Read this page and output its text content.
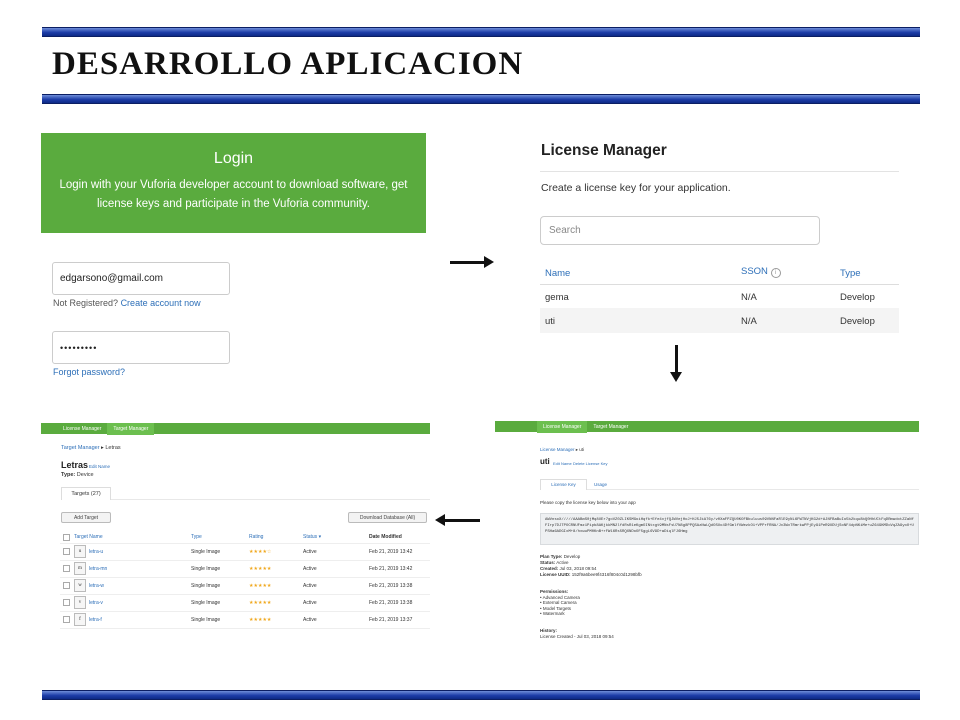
DESARROLLO APLICACION
Login
Login with your Vuforia developer account to download software, get license keys and participate in the Vuforia community.
edgarsono@gmail.com
Not Registered? Create account now
•••••••••
Forgot password?
License Manager
Create a license key for your application.
Search
Name	SSON i	Type
gema	N/A	Develop
uti	N/A	Develop
License Manager Target Manager
Target Manager ▸ Letras
Letras Edit Name
Type: Device
Targets (27)
Add Target	Download Database (All)
Target Name	Type	Rating	Status ▾	Date Modified
u	letra-u	Single Image	★★★★☆	Active	Feb 21, 2019 13:42
m	letra-mn	Single Image	★★★★★	Active	Feb 21, 2019 13:42
w	letra-w	Single Image	★★★★★	Active	Feb 21, 2019 13:38
v	letra-v	Single Image	★★★★★	Active	Feb 21, 2019 13:38
f	letra-f	Single Image	★★★★★	Active	Feb 21, 2019 13:37
License Manager Target Manager
License Manager ▸ uti
uti Edit Name Delete License Key
License Key	Usage
Please copy the license key below into your app
AWVnsoX/////AAABmS0jMq8UEr7goVZ0ZLIKSMGoiHqfk+Efe4xjfQJWVejHoJ+HJ5JkA76y/v0XaFPZQU0KOFBbuluus09VNNFaRlE9yNL6FWTNVjKG2d+AJNFBaBuIo5b2kqu8bQ0HhUCtFqDRmwdotZZaNfFIrp7DJTPOCRNUFmz1Pipb8AKjkkMN2lfdRsR1eKgmOINtxgt9MNsFsU7N8g8PPQSAzNwLQdOSUo4DfGmlfVWezkO1+VPPrFRNA/Jx3WxTRmrkwPPjEy91PeR9UDUjSoNF4dpNKiMe+uZ64GKMDoVqZA9yoO+UPSHa6ADGIxM+8/hxwuPM0KnB+rFW16Rs5RQXNDoOF5ggL6V9D+aDiqlFJ6Hmg
Plan Type: Develop
Status: Active
Created: Jul 03, 2018 09:54
License UUID: 152f9a6bee9f4316f804c0d1298bfb
Permissions:
• Advanced Camera
• External Camera
• Model Targets
• Watermark
History:
License Created - Jul 03, 2018 09:54
